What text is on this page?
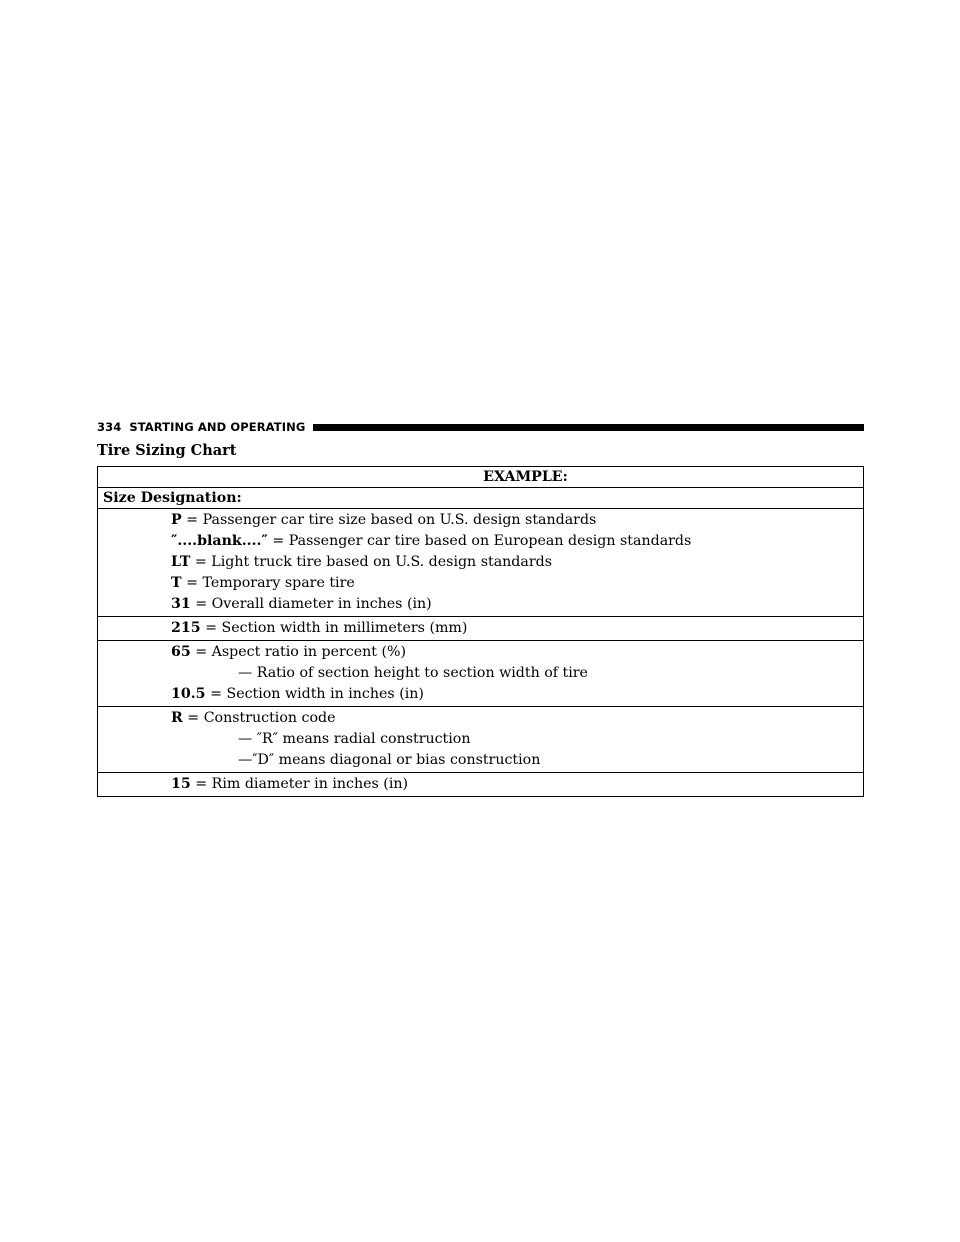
334 STARTING AND OPERATING
Tire Sizing Chart
EXAMPLE:

Size Designation:

P = Passenger car tire size based on U.S. design standards
″....blank....″ = Passenger car tire based on European design standards
LT = Light truck tire based on U.S. design standards
T = Temporary spare tire
31 = Overall diameter in inches (in)

215 = Section width in millimeters (mm)

65 = Aspect ratio in percent (%)
— Ratio of section height to section width of tire
10.5 = Section width in inches (in)

R = Construction code
— ″R″ means radial construction
—″D″ means diagonal or bias construction

15 = Rim diameter in inches (in)
